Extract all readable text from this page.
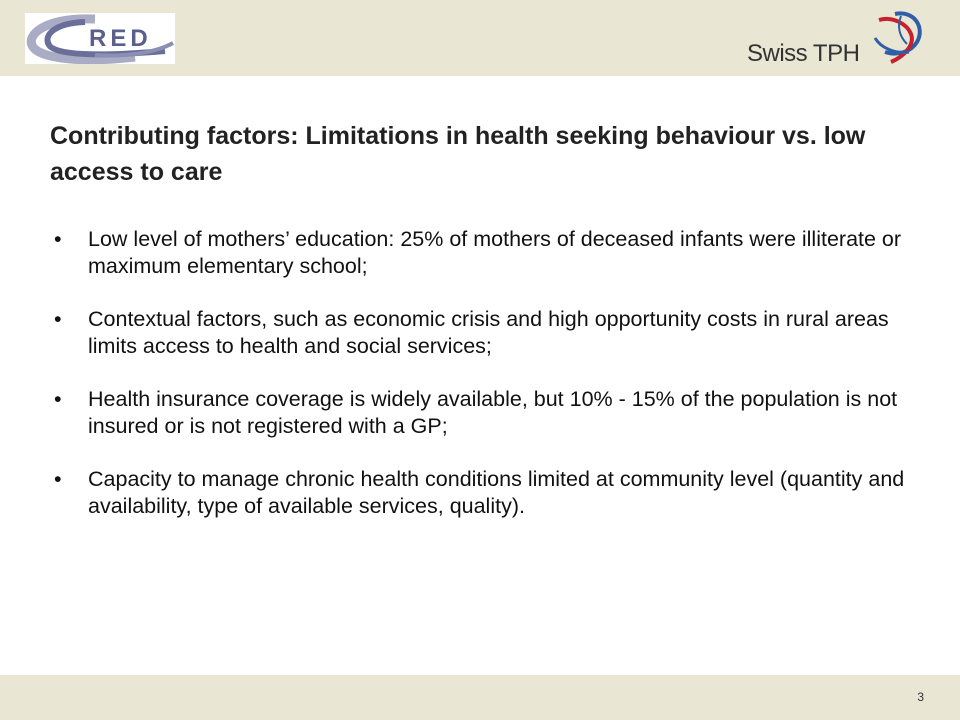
RED
Swiss TPH
Contributing factors: Limitations in health seeking behaviour vs. low access to care
• Low level of mothers’ education: 25% of mothers of deceased infants were illiterate or maximum elementary school;
• Contextual factors, such as economic crisis and high opportunity costs in rural areas limits access to health and social services;
• Health insurance coverage is widely available, but 10% - 15% of the population is not insured or is not registered with a GP;
• Capacity to manage chronic health conditions limited at community level (quantity and availability, type of available services, quality).
3
